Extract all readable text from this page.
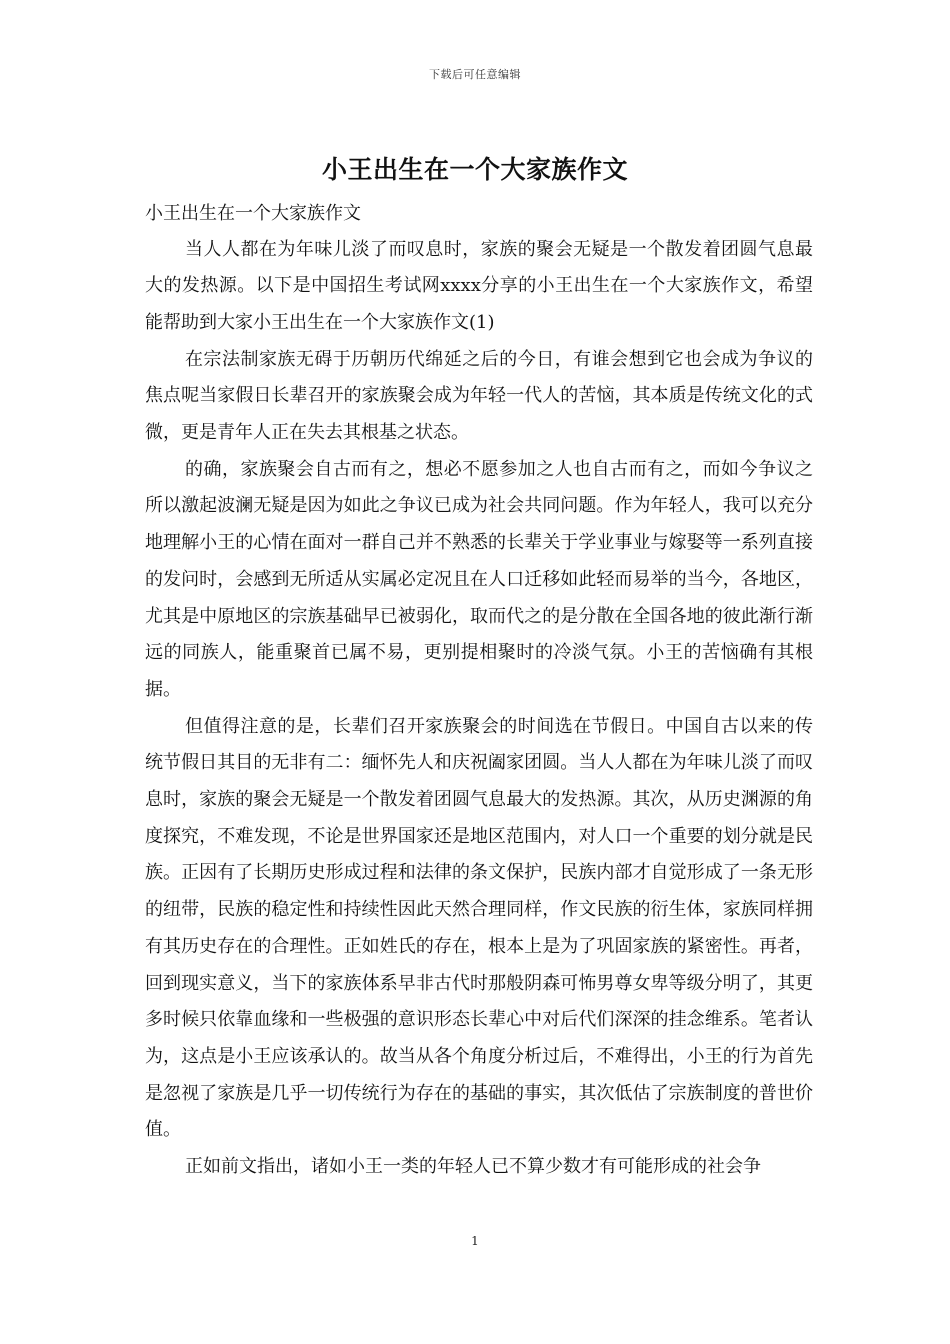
下载后可任意编辑
小王出生在一个大家族作文

小王出生在一个大家族作文

当人人都在为年味儿淡了而叹息时，家族的聚会无疑是一个散发着团圆气息最大的发热源。以下是中国招生考试网xxxx分享的小王出生在一个大家族作文，希望能帮助到大家小王出生在一个大家族作文(1)

在宗法制家族无碍于历朝历代绵延之后的今日，有谁会想到它也会成为争议的焦点呢当家假日长辈召开的家族聚会成为年轻一代人的苦恼，其本质是传统文化的式微，更是青年人正在失去其根基之状态。

的确，家族聚会自古而有之，想必不愿参加之人也自古而有之，而如今争议之所以激起波澜无疑是因为如此之争议已成为社会共同问题。作为年轻人，我可以充分地理解小王的心情在面对一群自己并不熟悉的长辈关于学业事业与嫁娶等一系列直接的发问时，会感到无所适从实属必定况且在人口迁移如此轻而易举的当今，各地区，尤其是中原地区的宗族基础早已被弱化，取而代之的是分散在全国各地的彼此渐行渐远的同族人，能重聚首已属不易，更别提相聚时的冷淡气氛。小王的苦恼确有其根据。

但值得注意的是，长辈们召开家族聚会的时间选在节假日。中国自古以来的传统节假日其目的无非有二：缅怀先人和庆祝阖家团圆。当人人都在为年味儿淡了而叹息时，家族的聚会无疑是一个散发着团圆气息最大的发热源。其次，从历史渊源的角度探究，不难发现，不论是世界国家还是地区范围内，对人口一个重要的划分就是民族。正因有了长期历史形成过程和法律的条文保护，民族内部才自觉形成了一条无形的纽带，民族的稳定性和持续性因此天然合理同样，作文民族的衍生体，家族同样拥有其历史存在的合理性。正如姓氏的存在，根本上是为了巩固家族的紧密性。再者，回到现实意义，当下的家族体系早非古代时那般阴森可怖男尊女卑等级分明了，其更多时候只依靠血缘和一些极强的意识形态长辈心中对后代们深深的挂念维系。笔者认为，这点是小王应该承认的。故当从各个角度分析过后，不难得出，小王的行为首先是忽视了家族是几乎一切传统行为存在的基础的事实，其次低估了宗族制度的普世价值。

正如前文指出，诸如小王一类的年轻人已不算少数才有可能形成的社会争

1
